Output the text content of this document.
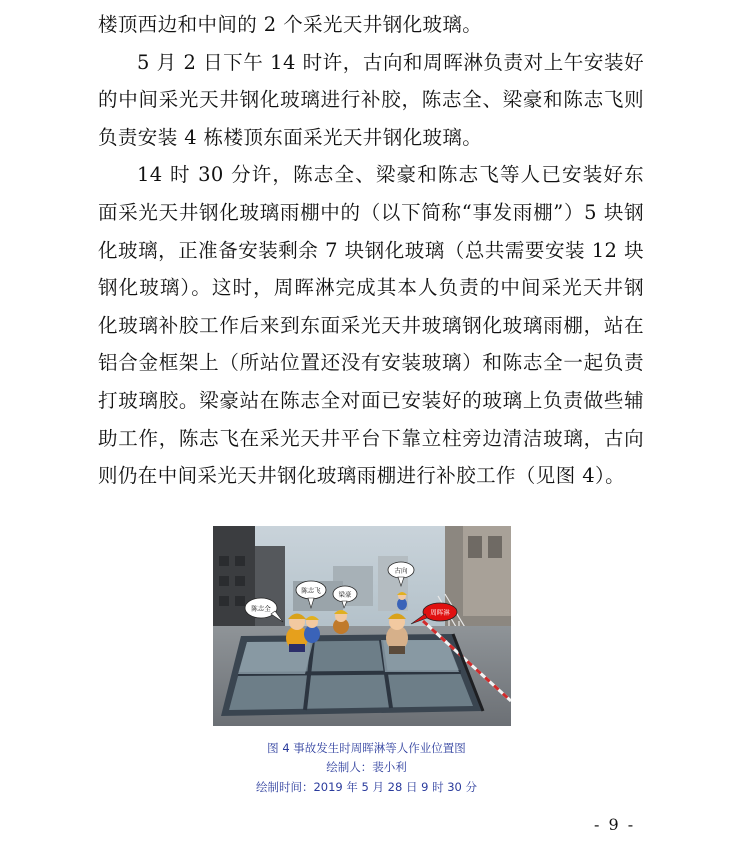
楼顶西边和中间的 2 个采光天井钢化玻璃。

5 月 2 日下午 14 时许，古向和周晖淋负责对上午安装好的中间采光天井钢化玻璃进行补胶，陈志全、梁豪和陈志飞则负责安装 4 栋楼顶东面采光天井钢化玻璃。

14 时 30 分许，陈志全、梁豪和陈志飞等人已安装好东面采光天井钢化玻璃雨棚中的（以下简称“事发雨棚”）5 块钢化玻璃，正准备安装剩余 7 块钢化玻璃（总共需要安装 12 块钢化玻璃）。这时，周晖淋完成其本人负责的中间采光天井钢化玻璃补胶工作后来到东面采光天井玻璃钢化玻璃雨棚，站在铝合金框架上（所站位置还没有安装玻璃）和陈志全一起负责打玻璃胶。梁豪站在陈志全对面已安装好的玻璃上负责做些辅助工作，陈志飞在采光天井平台下靠立柱旁边清洁玻璃，古向则仍在中间采光天井钢化玻璃雨棚进行补胶工作（见图 4）。

古向
陈志飞	梁豪
陈志全	周晖淋
图 4 事故发生时周晖淋等人作业位置图
绘制人：裴小利
绘制时间：2019 年 5 月 28 日 9 时 30 分
- 9 -
